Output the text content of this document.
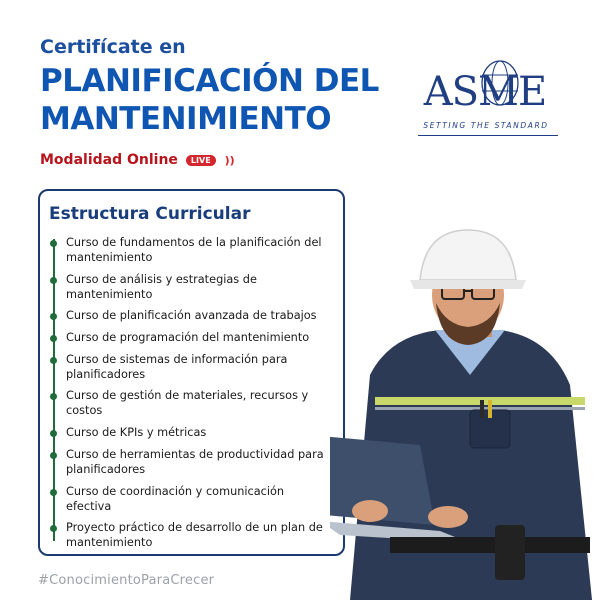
Certifícate en
PLANIFICACIÓN DEL
MANTENIMIENTO
Modalidad Online LIVE ))
ASME
SETTING THE STANDARD
Estructura Curricular
Curso de fundamentos de la planificación del mantenimiento
Curso de análisis y estrategias de mantenimiento
Curso de planificación avanzada de trabajos
Curso de programación del mantenimiento
Curso de sistemas de información para planificadores
Curso de gestión de materiales, recursos y costos
Curso de KPIs y métricas
Curso de herramientas de productividad para planificadores
Curso de coordinación y comunicación efectiva
Proyecto práctico de desarrollo de un plan de mantenimiento
#ConocimientoParaCrecer
